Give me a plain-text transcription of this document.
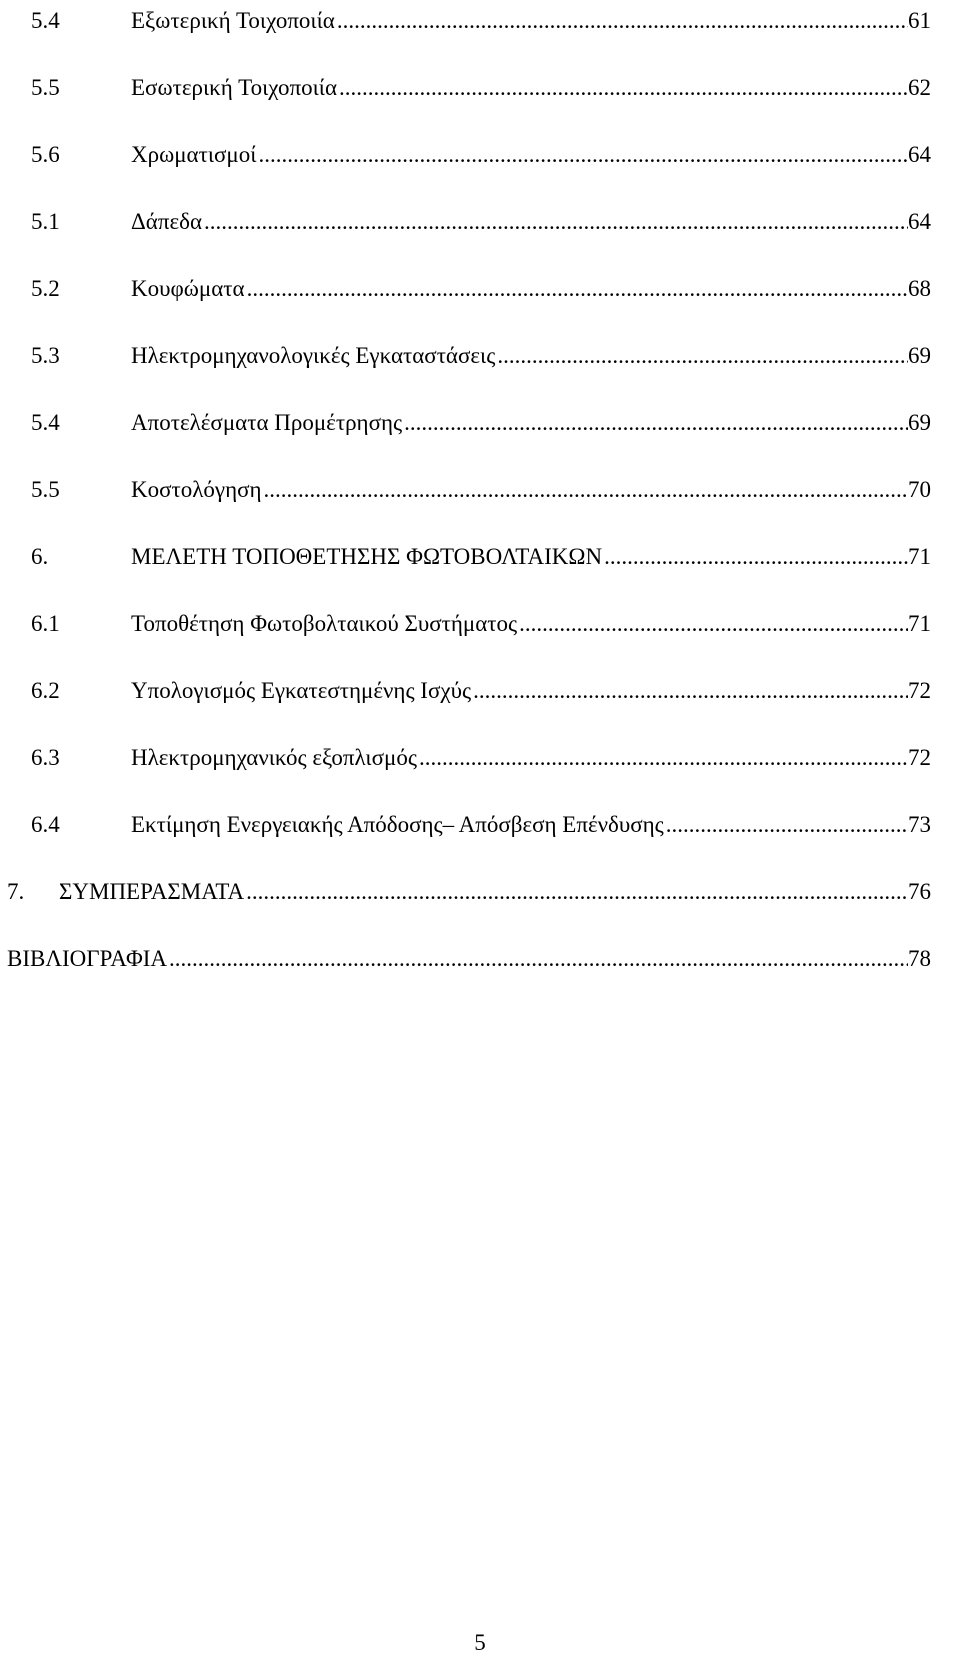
5.4	Εξωτερική Τοιχοποιία .....	61
5.5	Εσωτερική Τοιχοποιία .....	62
5.6	Χρωματισμοί .....	64
5.1	Δάπεδα .....	64
5.2	Κουφώματα .....	68
5.3	Ηλεκτρομηχανολογικές Εγκαταστάσεις .....	69
5.4	Αποτελέσματα Προμέτρησης .....	69
5.5	Κοστολόγηση .....	70
6.	ΜΕΛΕΤΗ ΤΟΠΟΘΕΤΗΣΗΣ ΦΩΤΟΒΟΛΤΑΙΚΩΝ .....	71
6.1	Τοποθέτηση Φωτοβολταικού Συστήματος .....	71
6.2	Υπολογισμός Εγκατεστημένης Ισχύς .....	72
6.3	Ηλεκτρομηχανικός εξοπλισμός .....	72
6.4	Εκτίμηση Ενεργειακής Απόδοσης– Απόσβεση Επένδυσης .....	73
7.	ΣΥΜΠΕΡΑΣΜΑΤΑ .....	76
ΒΙΒΛΙΟΓΡΑΦΙΑ .....	78
5
